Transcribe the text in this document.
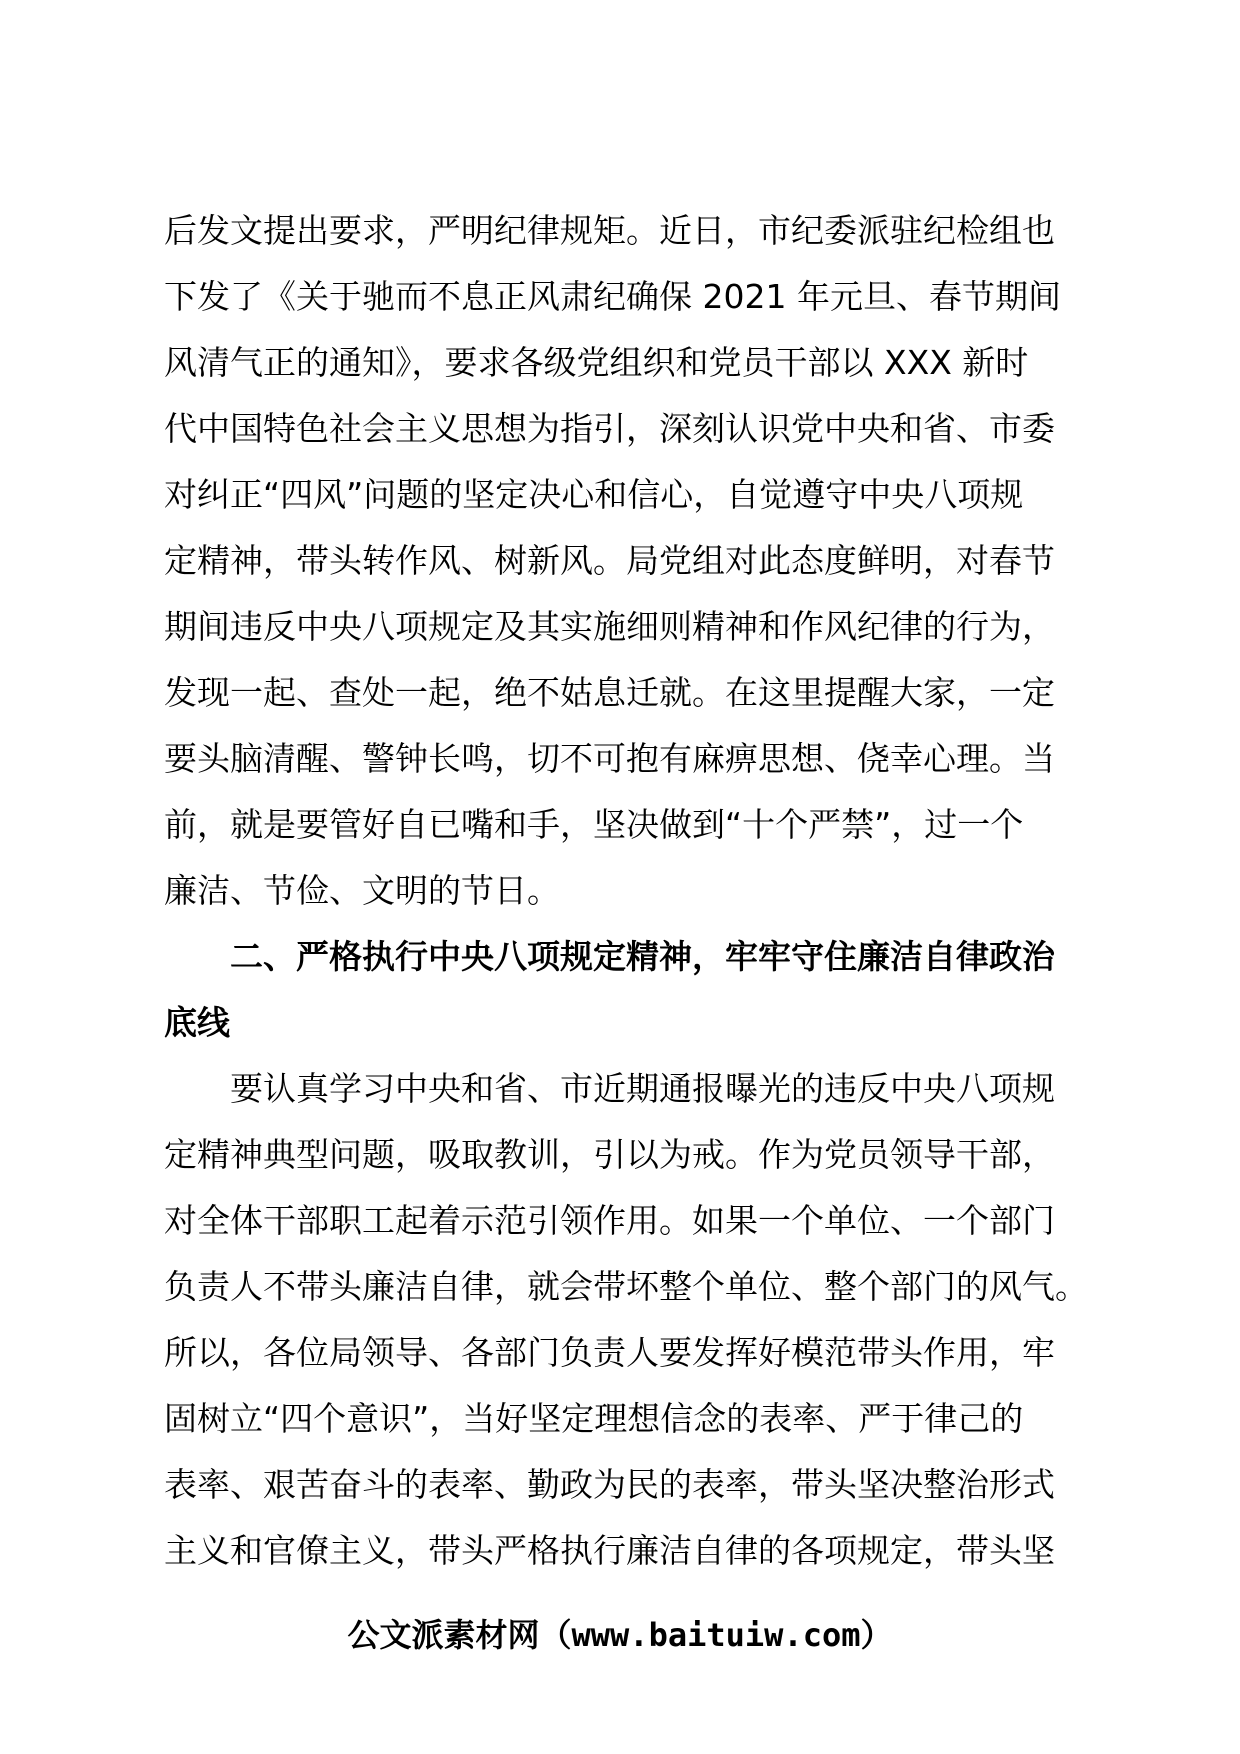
后发文提出要求，严明纪律规矩。近日，市纪委派驻纪检组也
下发了《关于驰而不息正风肃纪确保 2021 年元旦、春节期间
风清气正的通知》，要求各级党组织和党员干部以 XXX 新时
代中国特色社会主义思想为指引，深刻认识党中央和省、市委
对纠正“四风”问题的坚定决心和信心，自觉遵守中央八项规
定精神，带头转作风、树新风。局党组对此态度鲜明，对春节
期间违反中央八项规定及其实施细则精神和作风纪律的行为，
发现一起、查处一起，绝不姑息迁就。在这里提醒大家，一定
要头脑清醒、警钟长鸣，切不可抱有麻痹思想、侥幸心理。当
前，就是要管好自已嘴和手，坚决做到“十个严禁”，过一个
廉洁、节俭、文明的节日。
二、严格执行中央八项规定精神，牢牢守住廉洁自律政治
底线
要认真学习中央和省、市近期通报曝光的违反中央八项规
定精神典型问题，吸取教训，引以为戒。作为党员领导干部，
对全体干部职工起着示范引领作用。如果一个单位、一个部门
负责人不带头廉洁自律，就会带坏整个单位、整个部门的风气。
所以，各位局领导、各部门负责人要发挥好模范带头作用，牢
固树立“四个意识”，当好坚定理想信念的表率、严于律己的
表率、艰苦奋斗的表率、勤政为民的表率，带头坚决整治形式
主义和官僚主义，带头严格执行廉洁自律的各项规定，带头坚
公文派素材网（www.baituiw.com）
